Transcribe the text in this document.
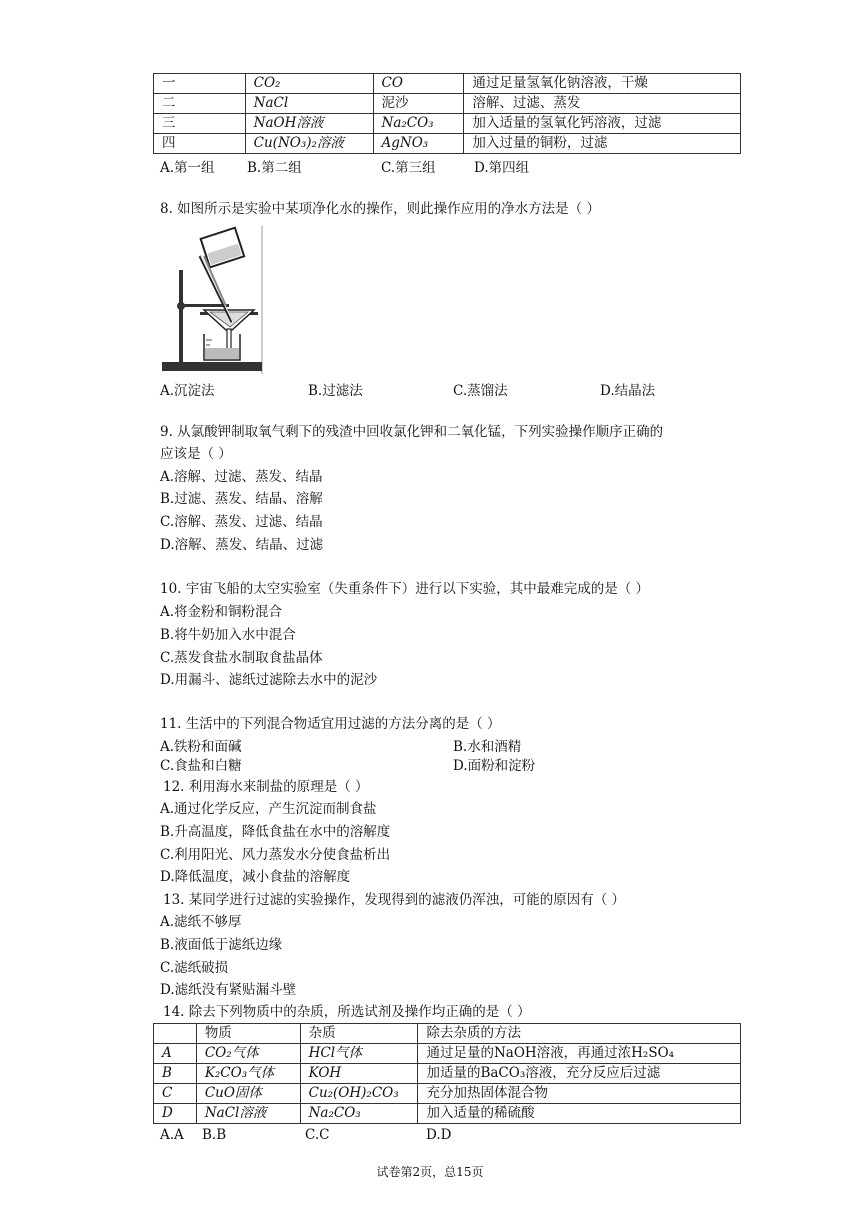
一	CO₂	CO	通过足量氢氧化钠溶液，干燥
二	NaCl	泥沙	溶解、过滤、蒸发
三	NaOH溶液	Na₂CO₃	加入适量的氢氧化钙溶液，过滤
四	Cu(NO₃)₂溶液	AgNO₃	加入过量的铜粉，过滤
A.第一组 B.第二组	C.第三组	D.第四组
8. 如图所示是实验中某项净化水的操作，则此操作应用的净水方法是（ ）
A.沉淀法	B.过滤法	C.蒸馏法	D.结晶法
9. 从氯酸钾制取氧气剩下的残渣中回收氯化钾和二氧化锰，下列实验操作顺序正确的
应该是（ ）
A.溶解、过滤、蒸发、结晶
B.过滤、蒸发、结晶、溶解
C.溶解、蒸发、过滤、结晶
D.溶解、蒸发、结晶、过滤
10. 宇宙飞船的太空实验室（失重条件下）进行以下实验，其中最难完成的是（ ）
A.将金粉和铜粉混合
B.将牛奶加入水中混合
C.蒸发食盐水制取食盐晶体
D.用漏斗、滤纸过滤除去水中的泥沙
11. 生活中的下列混合物适宜用过滤的方法分离的是（ ）
A.铁粉和面碱	B.水和酒精
C.食盐和白糖	D.面粉和淀粉
12. 利用海水来制盐的原理是（ ）
A.通过化学反应，产生沉淀而制食盐
B.升高温度，降低食盐在水中的溶解度
C.利用阳光、风力蒸发水分使食盐析出
D.降低温度，减小食盐的溶解度
13. 某同学进行过滤的实验操作，发现得到的滤液仍浑浊，可能的原因有（ ）
A.滤纸不够厚
B.液面低于滤纸边缘
C.滤纸破损
D.滤纸没有紧贴漏斗壁
14. 除去下列物质中的杂质，所选试剂及操作均正确的是（ ）
	物质	杂质	除去杂质的方法
A	CO₂气体	HCl气体	通过足量的NaOH溶液，再通过浓H₂SO₄
B	K₂CO₃气体	KOH	加适量的BaCO₃溶液，充分反应后过滤
C	CuO固体	Cu₂(OH)₂CO₃	充分加热固体混合物
D	NaCl溶液	Na₂CO₃	加入适量的稀硫酸
A.A B.B	C.C	D.D
试卷第2页，总15页
